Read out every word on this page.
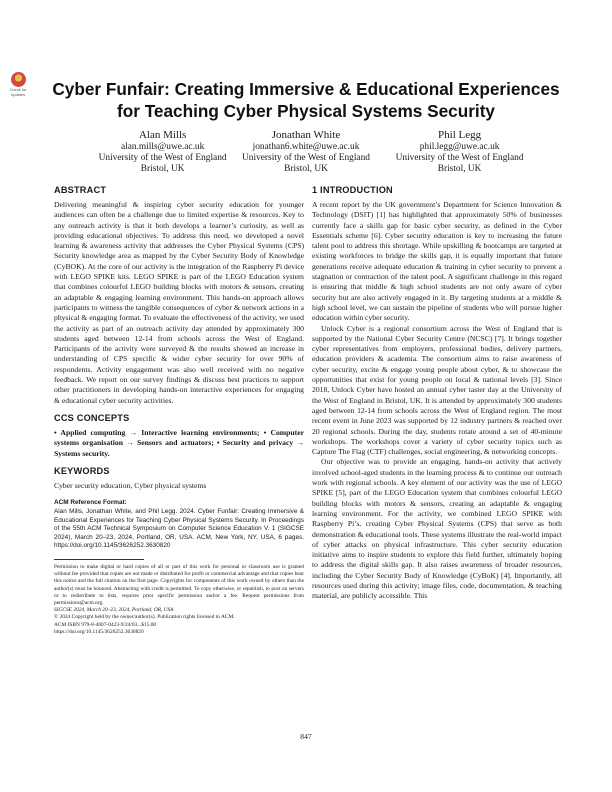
Check for
updates Cyber Funfair: Creating Immersive & Educational Experiences for Teaching Cyber Physical Systems Security
Alan Mills
alan.mills@uwe.ac.uk
University of the West of England
Bristol, UK
Jonathan White
jonathan6.white@uwe.ac.uk
University of the West of England
Bristol, UK
Phil Legg
phil.legg@uwe.ac.uk
University of the West of England
Bristol, UK
ABSTRACT

Delivering meaningful & inspiring cyber security education for younger audiences can often be a challenge due to limited expertise & resources. Key to any outreach activity is that it both develops a learner’s curiosity, as well as providing educational objectives. To address this need, we developed a novel learning & awareness activity that addresses the Cyber Physical Systems (CPS) Security knowledge area as mapped by the Cyber Security Body of Knowledge (CyBOK). At the core of our activity is the integration of the Raspberry Pi device with LEGO SPIKE kits. LEGO SPIKE is part of the LEGO Education system that combines colourful LEGO building blocks with motors & sensors, creating an adaptable & engaging learning environment. This hands-on approach allows participants to witness the tangible consequences of cyber & network actions in a physical & engaging format. To evaluate the effectiveness of the activity, we used the activity as part of an outreach activity day attended by approximately 300 students aged between 12-14 from schools across the West of England. Participants of the activity were surveyed & the results showed an increase in understanding of CPS specific & wider cyber security for over 90% of respondents. Activity engagement was also well received with no negative feedback. We report on our survey findings & discuss best practices to support other practitioners in developing hands-on interactive experiences for engaging & educational cyber security activities.

CCS CONCEPTS

• Applied computing → Interactive learning environments; • Computer systems organisation → Sensors and actuators; • Security and privacy → Systems security.

KEYWORDS

Cyber security education, Cyber physical systems

ACM Reference Format:

Alan Mills, Jonathan White, and Phil Legg. 2024. Cyber Funfair: Creating Immersive & Educational Experiences for Teaching Cyber Physical Systems Security. In Proceedings of the 55th ACM Technical Symposium on Computer Science Education V. 1 (SIGCSE 2024), March 20–23, 2024, Portland, OR, USA. ACM, New York, NY, USA, 6 pages. https://doi.org/10.1145/3626252.3630820

Permission to make digital or hard copies of all or part of this work for personal or classroom use is granted without fee provided that copies are not made or distributed for profit or commercial advantage and that copies bear this notice and the full citation on the first page. Copyrights for components of this work owned by others than the author(s) must be honored. Abstracting with credit is permitted. To copy otherwise, or republish, to post on servers or to redistribute to lists, requires prior specific permission and/or a fee. Request permissions from permissions@acm.org.
SIGCSE 2024, March 20–23, 2024, Portland, OR, USA
© 2024 Copyright held by the owner/author(s). Publication rights licensed to ACM.
ACM ISBN 979-8-4007-0423-9/24/03...$15.00
https://doi.org/10.1145/3626252.3630820
1 INTRODUCTION

A recent report by the UK government’s Department for Science Innovation & Technology (DSIT) [1] has highlighted that approximately 50% of businesses currently face a skills gap for basic cyber security, as defined in the Cyber Essentials scheme [6]. Cyber security education is key to increasing the future talent pool to address this shortage. While upskilling & bootcamps are targeted at existing workforces to bridge the skills gap, it is equally important that future generations receive adequate education & training in cyber security to prevent a stagnation or contraction of the talent pool. A significant challenge in this regard is ensuring that middle & high school students are not only aware of cyber security but are also actively engaged in it. By targeting students at a middle & high school level, we can sustain the pipeline of students who will pursue higher education within cyber security.

Unlock Cyber is a regional consortium across the West of England that is supported by the National Cyber Security Centre (NCSC) [7]. It brings together cyber representatives from employers, professional bodies, delivery partners, education providers & academia. The consortium aims to raise awareness of cyber security, excite & engage young people about cyber, & to showcase the opportunities that exist for young people on local & national levels [3]. Since 2018, Unlock Cyber have hosted an annual cyber taster day at the University of the West of England in Bristol, UK. It is attended by approximately 300 students aged between 12-14 from schools across the West of England region. The most recent event in June 2023 was supported by 12 industry partners & reached over 20 regional schools. During the day, students rotate around a set of 40-minute workshops. The workshops cover a variety of cyber security topics such as Capture The Flag (CTF) challenges, social engineering, & networking concepts.

Our objective was to provide an engaging, hands-on activity that actively involved school-aged students in the learning process & to continue our outreach work with regional schools. A key element of our activity was the use of LEGO SPIKE [5], part of the LEGO Education system that combines colourful LEGO building blocks with motors & sensors, creating an adaptable & engaging learning environment. For the activity, we combined LEGO SPIKE with Raspberry Pi’s, creating Cyber Physical Systems (CPS) that serve as both demonstration & educational tools. These systems illustrate the real-world impact of cyber attacks on physical infrastructure. This cyber security education initiative aims to inspire students to explore this field further, ultimately hoping to address the digital skills gap. It also raises awareness of broader resources, including the Cyber Security Body of Knowledge (CyBoK) [4]. Importantly, all resources used during this activity; image files, code, documentation, & teaching material, are publicly accessible. This

847
